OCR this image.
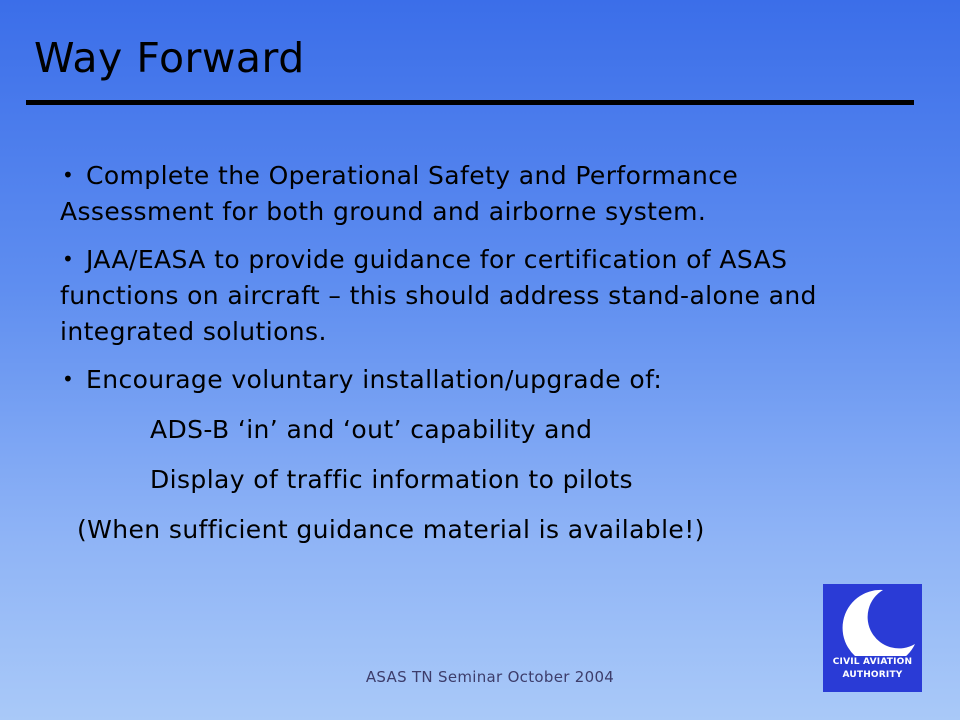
Way Forward
• Complete the Operational Safety and Performance Assessment for both ground and airborne system.
• JAA/EASA to provide guidance for certification of ASAS    functions on aircraft – this should address stand-alone and integrated solutions.
• Encourage voluntary installation/upgrade of:
ADS-B ‘in’ and ‘out’ capability and
Display of traffic information to pilots
(When sufficient guidance material is available!)
ASAS TN Seminar October 2004
CIVIL AVIATION
AUTHORITY
